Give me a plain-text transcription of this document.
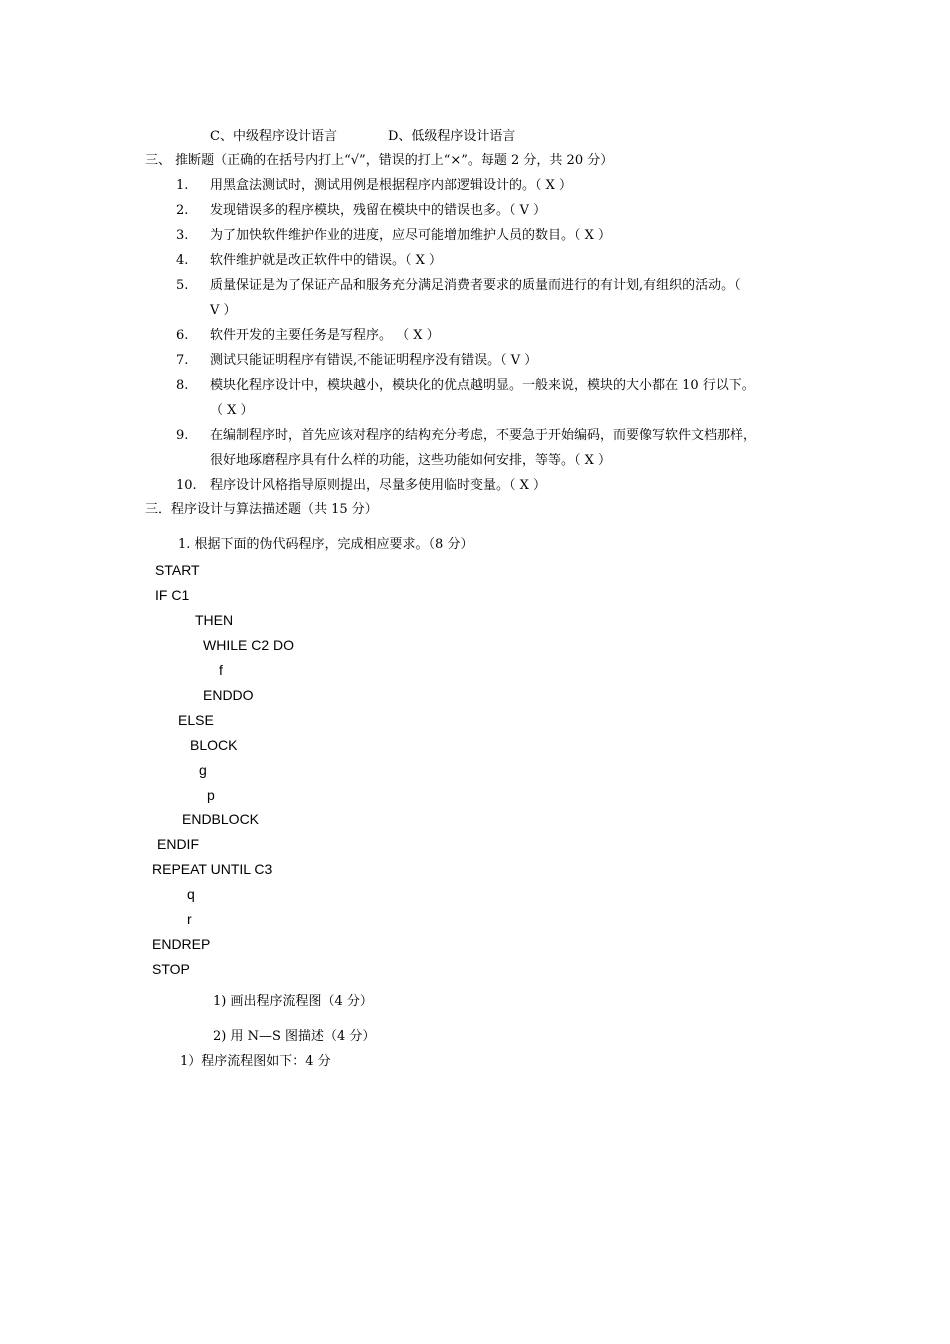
C、中级程序设计语言	D、低级程序设计语言
三、 推断题（正确的在括号内打上“√”，错误的打上“×”。每题 2 分，共 20 分）
1. 用黑盒法测试时，测试用例是根据程序内部逻辑设计的。（ X ）
2. 发现错误多的程序模块，残留在模块中的错误也多。（ V ）
3. 为了加快软件维护作业的进度，应尽可能增加维护人员的数目。（ X ）
4. 软件维护就是改正软件中的错误。（ X ）
5. 质量保证是为了保证产品和服务充分满足消费者要求的质量而进行的有计划,有组织的活动。（
V ）
6. 软件开发的主要任务是写程序。 （ X ）
7. 测试只能证明程序有错误,不能证明程序没有错误。（ V ）
8. 模块化程序设计中，模块越小，模块化的优点越明显。一般来说，模块的大小都在 10 行以下。
（ X ）
9. 在编制程序时，首先应该对程序的结构充分考虑，不要急于开始编码，而要像写软件文档那样，
很好地琢磨程序具有什么样的功能，这些功能如何安排，等等。（ X ）
10. 程序设计风格指导原则提出，尽量多使用临时变量。（ X ）
三．程序设计与算法描述题（共 15 分）
1. 根据下面的伪代码程序，完成相应要求。（8 分）
START
IF C1
THEN
WHILE C2 DO
f
ENDDO
ELSE
BLOCK
g
p
ENDBLOCK
ENDIF
REPEAT UNTIL C3
q
r
ENDREP
STOP
1) 画出程序流程图（4 分）
2) 用 N—S 图描述（4 分）
1）程序流程图如下：4 分
